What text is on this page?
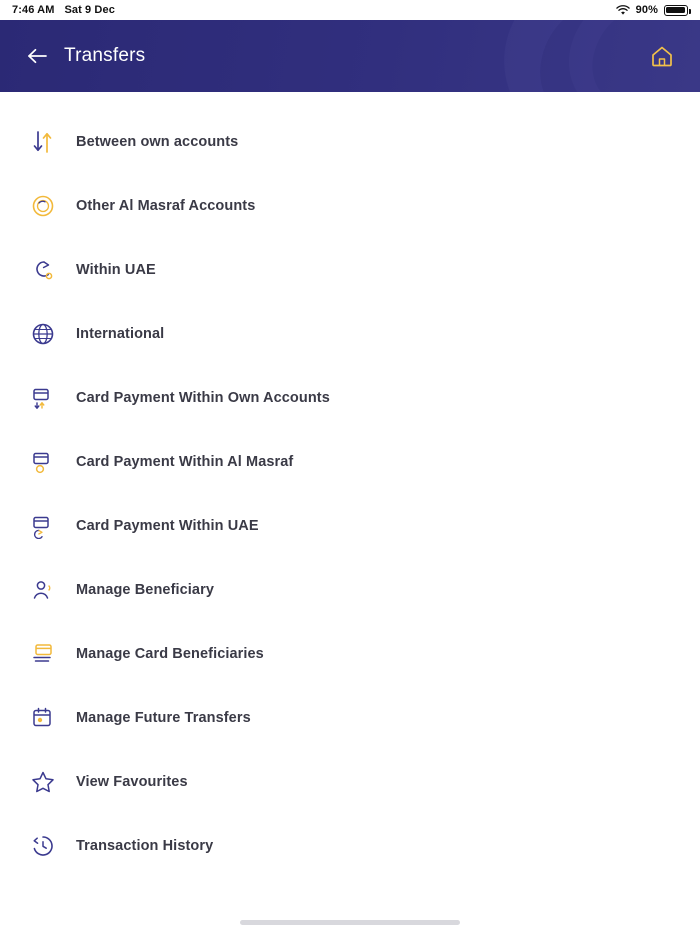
7:46 AM Sat 9 Dec	90%
Transfers
Between own accounts
Other Al Masraf Accounts
Within UAE
International
Card Payment Within Own Accounts
Card Payment Within Al Masraf
Card Payment Within UAE
Manage Beneficiary
Manage Card Beneficiaries
Manage Future Transfers
View Favourites
Transaction History
